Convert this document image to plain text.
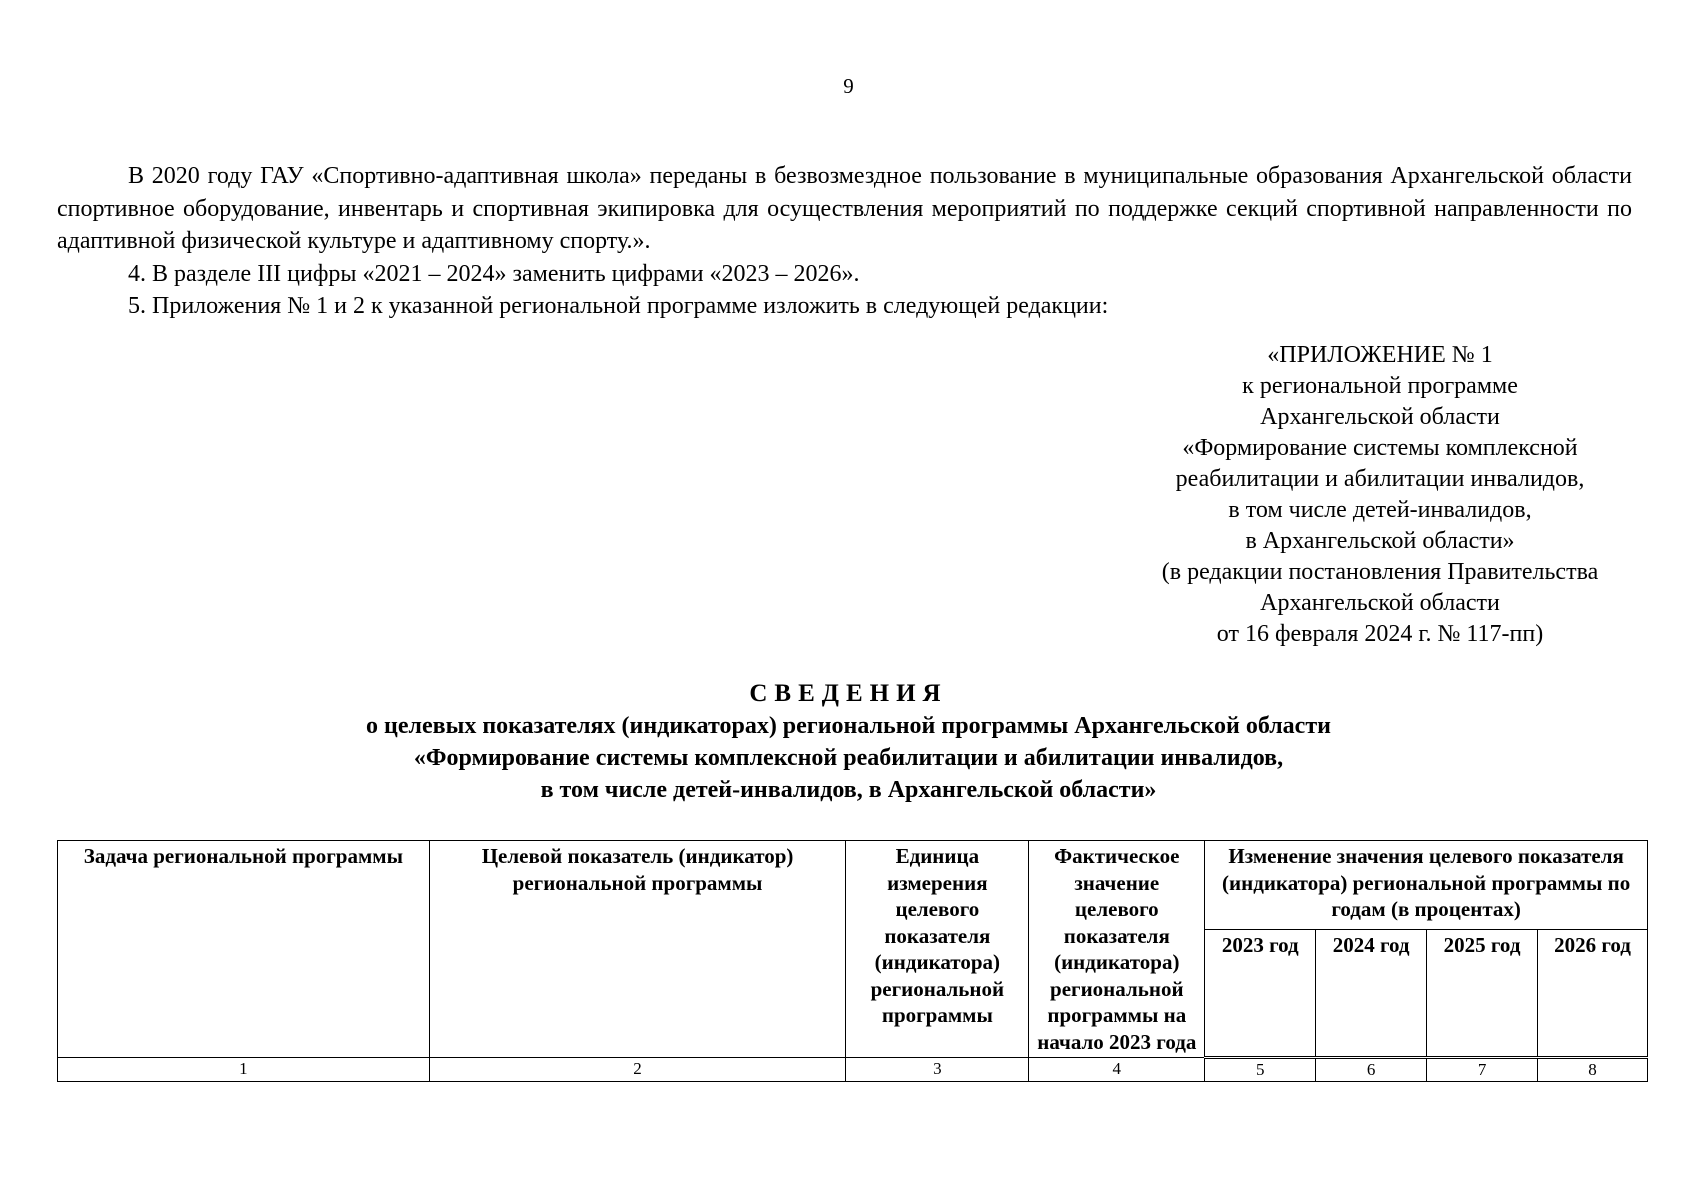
9

В 2020 году ГАУ «Спортивно-адаптивная школа» переданы в безвозмездное пользование в муниципальные образования Архангельской области спортивное оборудование, инвентарь и спортивная экипировка для осуществления мероприятий по поддержке секций спортивной направленности по адаптивной физической культуре и адаптивному спорту.».

4. В разделе III цифры «2021 – 2024» заменить цифрами «2023 – 2026».

5. Приложения № 1 и 2 к указанной региональной программе изложить в следующей редакции:

«ПРИЛОЖЕНИЕ № 1
к региональной программе
Архангельской области
«Формирование системы комплексной
реабилитации и абилитации инвалидов,
в том числе детей-инвалидов,
в Архангельской области»
(в редакции постановления Правительства
Архангельской области
от 16 февраля 2024 г. № 117-пп)
СВЕДЕНИЯ
о целевых показателях (индикаторах) региональной программы Архангельской области
«Формирование системы комплексной реабилитации и абилитации инвалидов,
в том числе детей-инвалидов, в Архангельской области»
Задача региональной программы	Целевой показатель (индикатор) региональной программы	Единица измерения целевого показателя (индикатора) региональной программы	Фактическое значение целевого показателя (индикатора) региональной программы на начало 2023 года	Изменение значения целевого показателя (индикатора) региональной программы по годам (в процентах)			
				2023 год	2024 год	2025 год	2026 год
1	2	3	4	5	6	7	8
